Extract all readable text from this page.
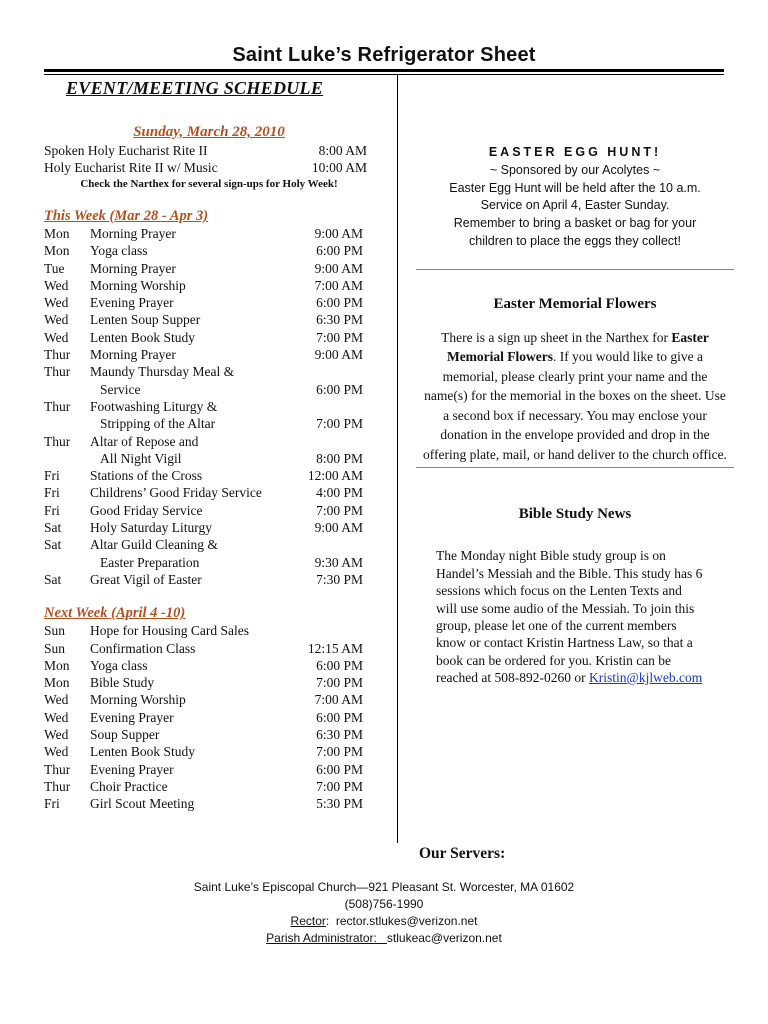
Saint Luke’s Refrigerator Sheet
EVENT/MEETING SCHEDULE
Sunday, March 28, 2010
Spoken Holy Eucharist Rite II	8:00 AM
Holy Eucharist Rite II w/ Music	10:00 AM
Check the Narthex for several sign-ups for Holy Week!
This Week (Mar 28 - Apr 3)
Mon	Morning Prayer	9:00 AM
Mon	Yoga class	6:00 PM
Tue	Morning Prayer	9:00 AM
Wed	Morning Worship	7:00 AM
Wed	Evening Prayer	6:00 PM
Wed	Lenten Soup Supper	6:30 PM
Wed	Lenten Book Study	7:00 PM
Thur	Morning Prayer	9:00 AM
Thur	Maundy Thursday Meal &
Service	6:00 PM
Thur	Footwashing Liturgy &
Stripping of the Altar	7:00 PM
Thur	Altar of Repose and
All Night Vigil	8:00 PM
Fri	Stations of the Cross	12:00 AM
Fri	Childrens’ Good Friday Service	4:00 PM
Fri	Good Friday Service	7:00 PM
Sat	Holy Saturday Liturgy	9:00 AM
Sat	Altar Guild Cleaning &
Easter Preparation	9:30 AM
Sat	Great Vigil of Easter	7:30 PM
Next Week (April 4 -10)
Sun	Hope for Housing Card Sales
Sun	Confirmation Class	12:15 AM
Mon	Yoga class	6:00 PM
Mon	Bible Study	7:00 PM
Wed	Morning Worship	7:00 AM
Wed	Evening Prayer	6:00 PM
Wed	Soup Supper	6:30 PM
Wed	Lenten Book Study	7:00 PM
Thur	Evening Prayer	6:00 PM
Thur	Choir Practice	7:00 PM
Fri	Girl Scout Meeting	5:30 PM
EASTER EGG HUNT!
~ Sponsored by our Acolytes ~
Easter Egg Hunt will be held after the 10 a.m.
Service on April 4, Easter Sunday.
Remember to bring a basket or bag for your
children to place the eggs they collect!
Easter Memorial Flowers
There is a sign up sheet in the Narthex for Easter Memorial Flowers. If you would like to give a memorial, please clearly print your name and the name(s) for the memorial in the boxes on the sheet. Use a second box if necessary. You may enclose your donation in the envelope provided and drop in the offering plate, mail, or hand deliver to the church office.
Bible Study News
The Monday night Bible study group is on Handel’s Messiah and the Bible. This study has 6 sessions which focus on the Lenten Texts and will use some audio of the Messiah. To join this group, please let one of the current members know or contact Kristin Hartness Law, so that a book can be ordered for you. Kristin can be reached at 508-892-0260 or Kristin@kjlweb.com
Our Servers:
Saint Luke’s Episcopal Church—921 Pleasant St. Worcester, MA 01602
(508)756-1990
Rector:  rector.stlukes@verizon.net
Parish Administrator: stlukeac@verizon.net
